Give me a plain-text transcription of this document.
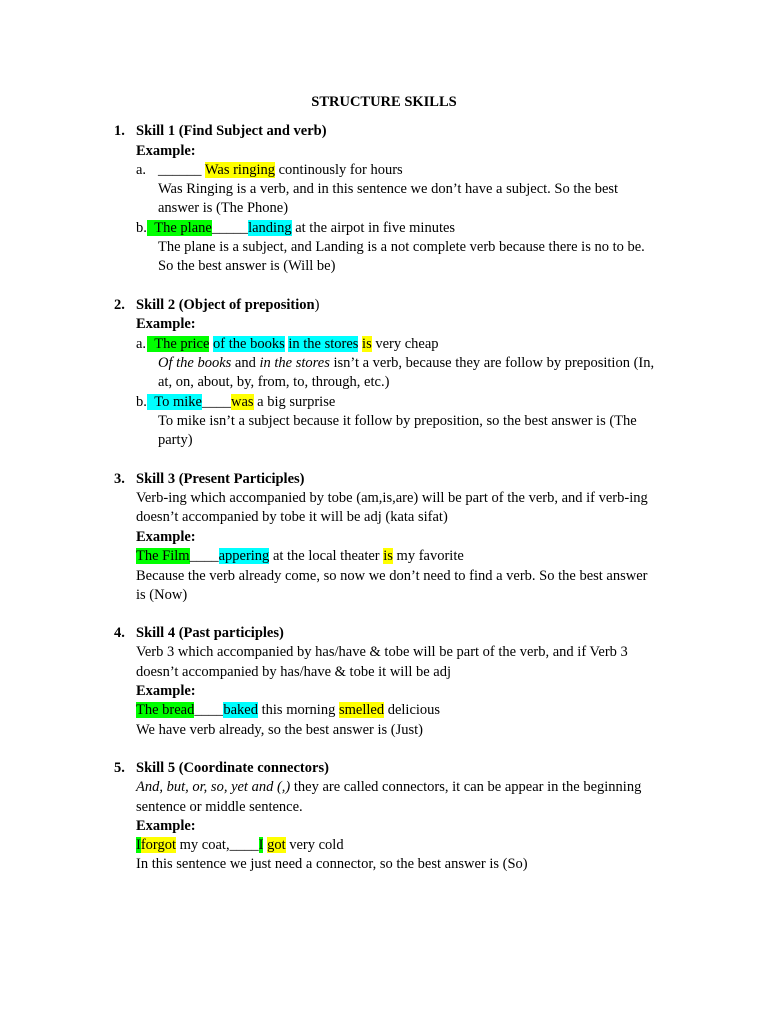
STRUCTURE SKILLS
1. Skill 1 (Find Subject and verb)
Example:
a. ______ Was ringing continously for hours
Was Ringing is a verb, and in this sentence we don’t have a subject. So the best
answer is (The Phone)
b. The plane_____landing at the airpot in five minutes
The plane is a subject, and Landing is a not complete verb because there is no to be.
So the best answer is (Will be)
2. Skill 2 (Object of preposition)
Example:
a. The price of the books in the stores is very cheap
Of the books and in the stores isn’t a verb, because they are follow by preposition (In,
at, on, about, by, from, to, through, etc.)
b. To mike____was a big surprise
To mike isn’t a subject because it follow by preposition, so the best answer is (The
party)
3. Skill 3 (Present Participles)
Verb-ing which accompanied by tobe (am,is,are) will be part of the verb, and if verb-ing
doesn’t accompanied by tobe it will be adj (kata sifat)
Example:
The Film____appering at the local theater is my favorite
Because the verb already come, so now we don’t need to find a verb. So the best answer
is (Now)
4. Skill 4 (Past participles)
Verb 3 which accompanied by has/have & tobe will be part of the verb, and if Verb 3
doesn’t accompanied by has/have & tobe it will be adj
Example:
The bread____baked this morning smelled delicious
We have verb already, so the best answer is (Just)
5. Skill 5 (Coordinate connectors)
And, but, or, so, yet and (,) they are called connectors, it can be appear in the beginning
sentence or middle sentence.
Example:
Iforgot my coat,____I got very cold
In this sentence we just need a connector, so the best answer is (So)
